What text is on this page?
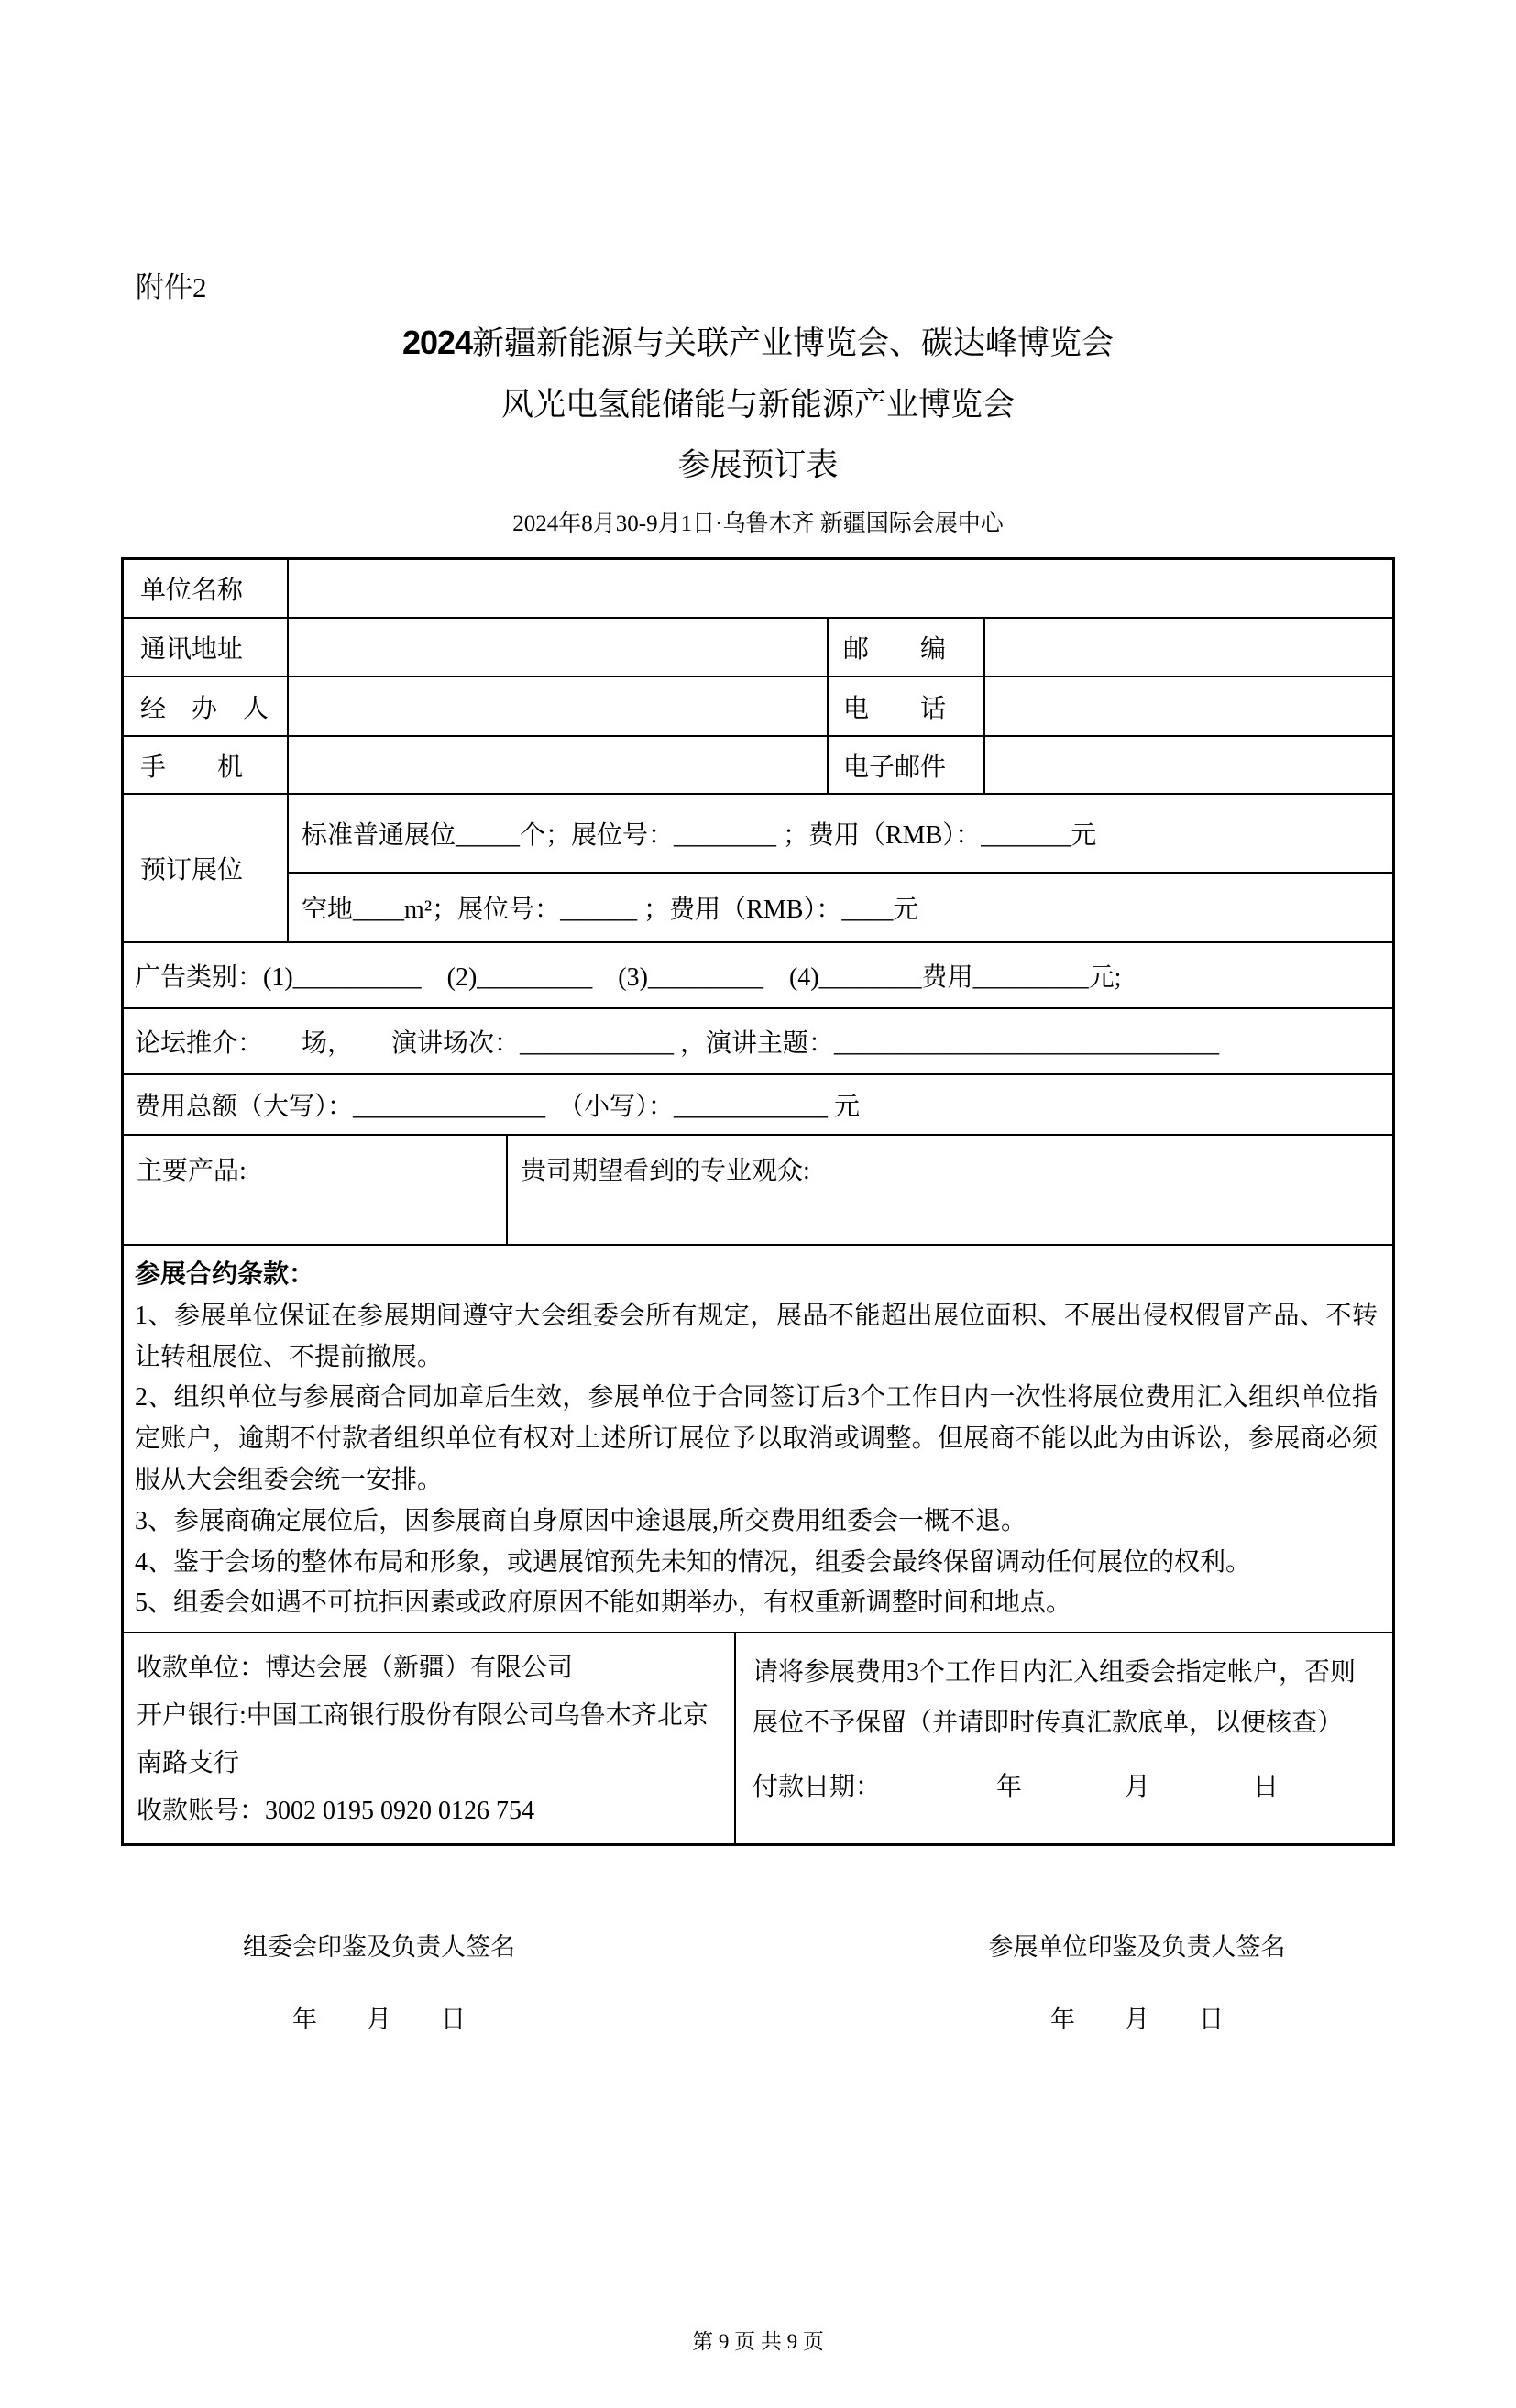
附件2
2024新疆新能源与关联产业博览会、碳达峰博览会
风光电氢能储能与新能源产业博览会
参展预订表
2024年8月30-9月1日·乌鲁木齐 新疆国际会展中心
单位名称
通讯地址	邮　　编
经　办　人	电　　话
手　　机	电子邮件
预订展位
标准普通展位_____个；展位号：________ ；费用（RMB）：_______元
空地____m²；展位号：______ ；费用（RMB）：____元
广告类别：(1)__________　(2)_________　(3)_________　(4)________费用_________元;
论坛推介：　　场，　　演讲场次：____________ ，演讲主题：______________________________
费用总额（大写）：_______________　（小写）：____________ 元
主要产品:	贵司期望看到的专业观众:
参展合约条款：
1、参展单位保证在参展期间遵守大会组委会所有规定，展品不能超出展位面积、不展出侵权假冒产品、不转让转租展位、不提前撤展。
2、组织单位与参展商合同加章后生效，参展单位于合同签订后3个工作日内一次性将展位费用汇入组织单位指定账户，逾期不付款者组织单位有权对上述所订展位予以取消或调整。但展商不能以此为由诉讼，参展商必须服从大会组委会统一安排。
3、参展商确定展位后，因参展商自身原因中途退展,所交费用组委会一概不退。
4、鉴于会场的整体布局和形象，或遇展馆预先未知的情况，组委会最终保留调动任何展位的权利。
5、组委会如遇不可抗拒因素或政府原因不能如期举办，有权重新调整时间和地点。
收款单位：博达会展（新疆）有限公司
开户银行:中国工商银行股份有限公司乌鲁木齐北京南路支行
收款账号：3002 0195 0920 0126 754
请将参展费用3个工作日内汇入组委会指定帐户，否则展位不予保留（并请即时传真汇款底单，以便核查）
付款日期：　　　　　年　　　　月　　　　日
组委会印鉴及负责人签名
年　　月　　日
参展单位印鉴及负责人签名
年　　月　　日
第 9 页 共 9 页
